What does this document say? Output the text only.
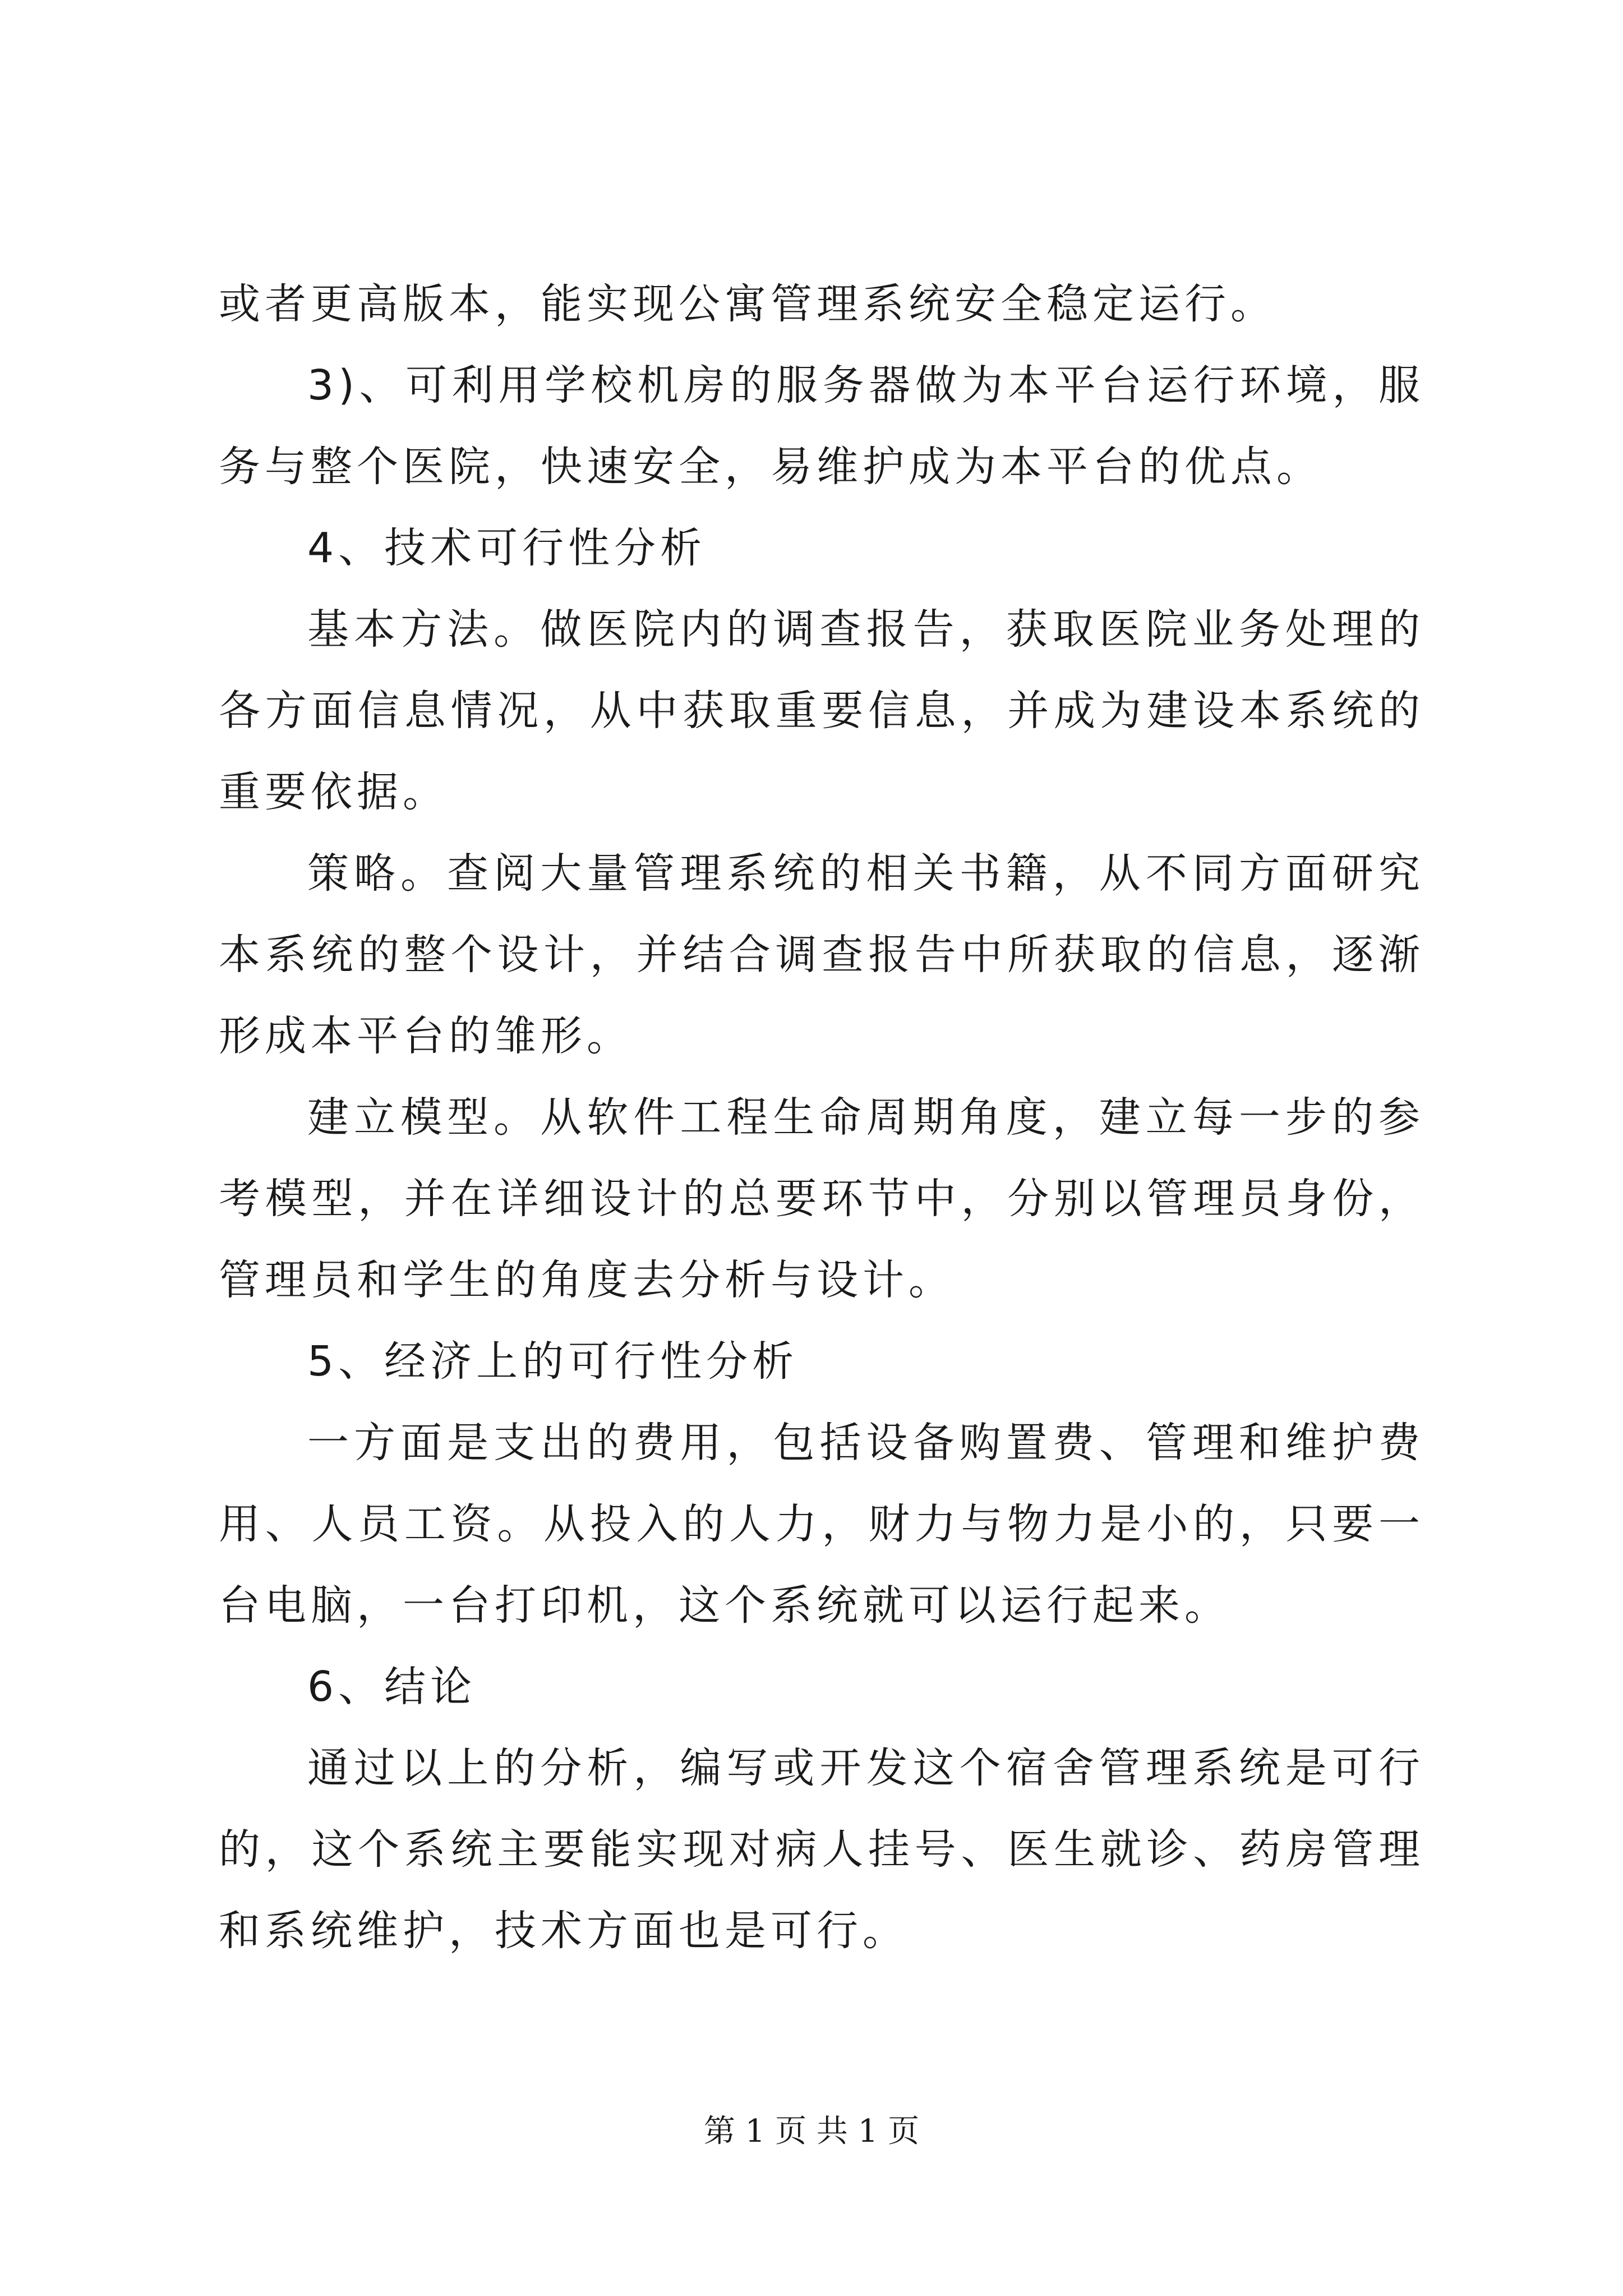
或者更高版本，能实现公寓管理系统安全稳定运行。

3)、可利用学校机房的服务器做为本平台运行环境，服务与整个医院，快速安全，易维护成为本平台的优点。

4、技术可行性分析

基本方法。做医院内的调查报告，获取医院业务处理的各方面信息情况，从中获取重要信息，并成为建设本系统的重要依据。

策略。查阅大量管理系统的相关书籍，从不同方面研究本系统的整个设计，并结合调查报告中所获取的信息，逐渐形成本平台的雏形。

建立模型。从软件工程生命周期角度，建立每一步的参考模型，并在详细设计的总要环节中，分别以管理员身份，管理员和学生的角度去分析与设计。

5、经济上的可行性分析

一方面是支出的费用，包括设备购置费、管理和维护费用、人员工资。从投入的人力，财力与物力是小的，只要一台电脑，一台打印机，这个系统就可以运行起来。

6、结论

通过以上的分析，编写或开发这个宿舍管理系统是可行的，这个系统主要能实现对病人挂号、医生就诊、药房管理和系统维护，技术方面也是可行。

第 1 页 共 1 页
